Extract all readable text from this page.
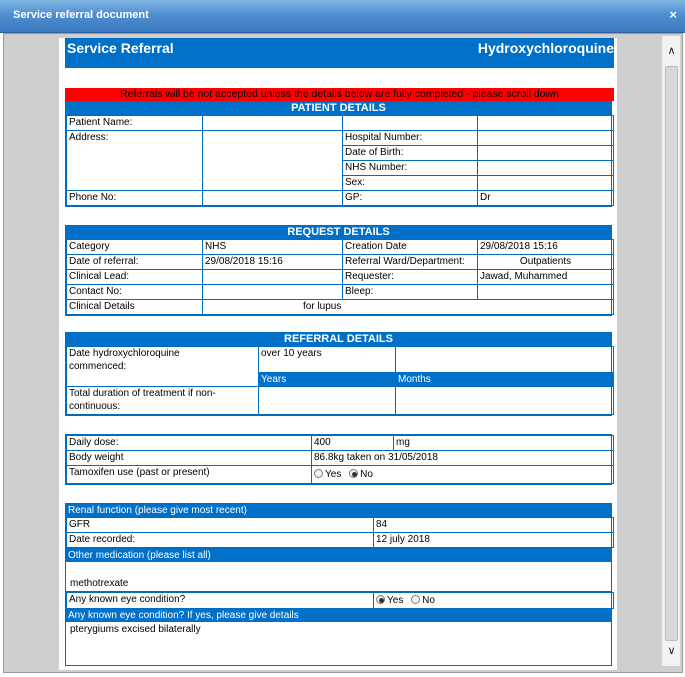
Service referral document	×
Service Referral	Hydroxychloroquine
Referrals will be not accepted unless the details below are fully completed - please scroll down
PATIENT DETAILS
Patient Name:			
Address:		Hospital Number:	
		Date of Birth:	
		NHS Number:	
		Sex:	
Phone No:		GP:	Dr
REQUEST DETAILS
Category	NHS	Creation Date	29/08/2018 15:16
Date of referral:	29/08/2018 15:16	Referral Ward/Department:	Outpatients
Clinical Lead:		Requester:	Jawad, Muhammed
Contact No:		Bleep:	
Clinical Details	for lupus		
REFERRAL DETAILS
Date hydroxychloroquine
commenced:	over 10 years	
	Years	Months
Total duration of treatment if non-
continuous:		
Daily dose:	400	mg
Body weight	86.8kg taken on 31/05/2018	
Tamoxifen use (past or present)	Yes No	
Renal function (please give most recent)
GFR	84
Date recorded:	12 july 2018
Other medication (please list all)
methotrexate
Any known eye condition?	Yes No
Any known eye condition? If yes, please give details
pterygiums excised bilaterally
∧
∨
